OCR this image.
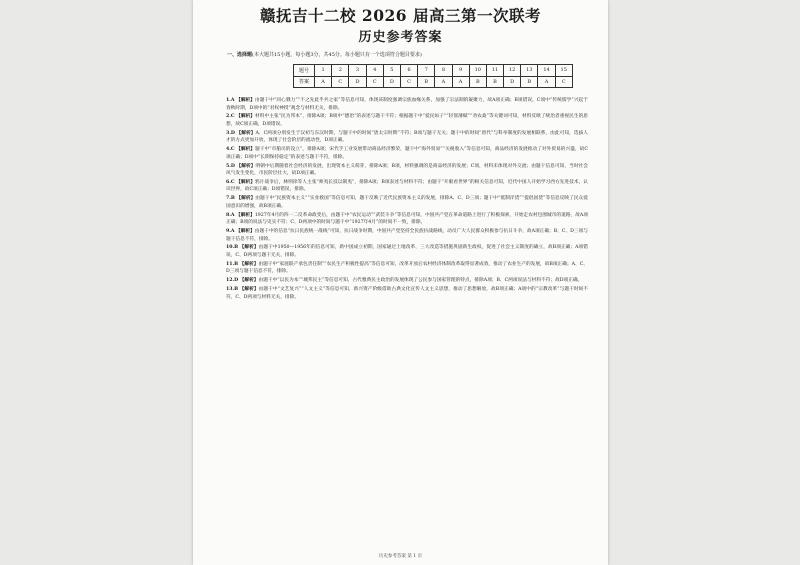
赣抚吉十二校 2026 届高三第一次联考
历史参考答案
一、选择题(本大题共15小题，每小题3分，共45分。每小题只有一个选项符合题目要求)
题号	1	2	3	4	5	6	7	8	9	10	11	12	13	14	15
答案	A	C	D	C	D	C	B	A	A	B	B	D	B	A	C
1.A 【解析】由题干中“同心戮力”“不之先此乎共之家”等信息可知，体现该制度强调宗族血缘关系，加强了宗法制的凝聚力，故A项正确；B项错误，C项中“传统儒学”兴起于春秋时期，D项中的“君权神授”观念与材料无关，排除。
2.C 【解析】材料中主张“民为邦本”，排除A项；B项中“德治”的表述与题干不符；根据题干中“爱民如子”“轻徭薄赋”“劝农桑”等关键词可知，材料反映了统治者重视民生的思想，故C项正确，D项错误。
3.D 【解析】A、C两项分别发生于汉初与东汉时期，与题干中的时间“唐太宗时期”不符；B项与题干无关；题干中的时间“唐代”与科举制度的发展相联系，由此可知，选拔人才的方式更加开放，体现了社会阶层的流动性，D项正确。
4.C 【解析】题干中“市舶司的设立”，排除A项；宋代手工业发展带动商品经济繁荣，题干中“海外贸易”“关税收入”等信息可知，商品经济的发展推动了对外贸易的兴盛，故C项正确；D项中“长期保持稳定”的表述与题干不符，排除。
5.D 【解析】明朝中后期随着社会经济的发展，出现资本主义萌芽，排除A项；B项，材料强调的是商品经济的发展；C项，材料未体现对外交流；由题干信息可知，当时社会风气发生变化，市民阶层壮大，故D项正确。
6.C 【解析】鸦片战争后，林则徐等人主张“师夷长技以制夷”，排除A项；B项表述与材料不符；由题干“开眼看世界”的相关信息可知，近代中国人开始学习西方先进技术，认识世界，故C项正确；D项错误，排除。
7.B 【解析】由题干中“民族资本主义”“实业救国”等信息可知，题干反映了近代民族资本主义的发展，排除A、C、D三项；题干中“抵制洋货”“提倡国货”等信息反映了民众爱国意识的增强，故B项正确。
8.A 【解析】1927年4月的四一二反革命政变后，由题干中“农民运动”“武装斗争”等信息可知，中国共产党在革命道路上进行了积极探索，开始走农村包围城市的道路，故A项正确；B项的说法与史实不符；C、D两项中的时间与题干中“1927年4月”的时间不一致，排除。
9.A 【解析】由题干中的信息“抗日民族统一战线”可知，抗日战争时期，中国共产党坚持全民族抗战路线，动员广大人民群众积极参与抗日斗争，故A项正确；B、C、D三项与题干信息不符，排除。
10.B 【解析】由题干中1950—1956年的信息可知，新中国成立初期，国家通过土地改革、三大改造等措施巩固新生政权，促进了社会主义制度的确立，故B项正确；A项错误，C、D两项与题干无关，排除。
11.B 【解析】由题干中“家庭联产承包责任制”“农民生产积极性提高”等信息可知，改革开放后农村经济体制改革取得显著成效，推动了农业生产的发展，故B项正确；A、C、D三项与题干信息不符，排除。
12.D 【解析】由题干中“以民为本”“城邦民主”等信息可知，古代雅典民主政治的发展体现了公民参与国家管理的特点，排除A项；B、C两项说法与材料不符；故D项正确。
13.B 【解析】由题干中“文艺复兴”“人文主义”等信息可知，新兴资产阶级借助古典文化宣传人文主义思想，推动了思想解放，故B项正确；A项中的“宗教改革”与题干时间不符，C、D两项与材料无关，排除。
历史参考答案 第 1 页
